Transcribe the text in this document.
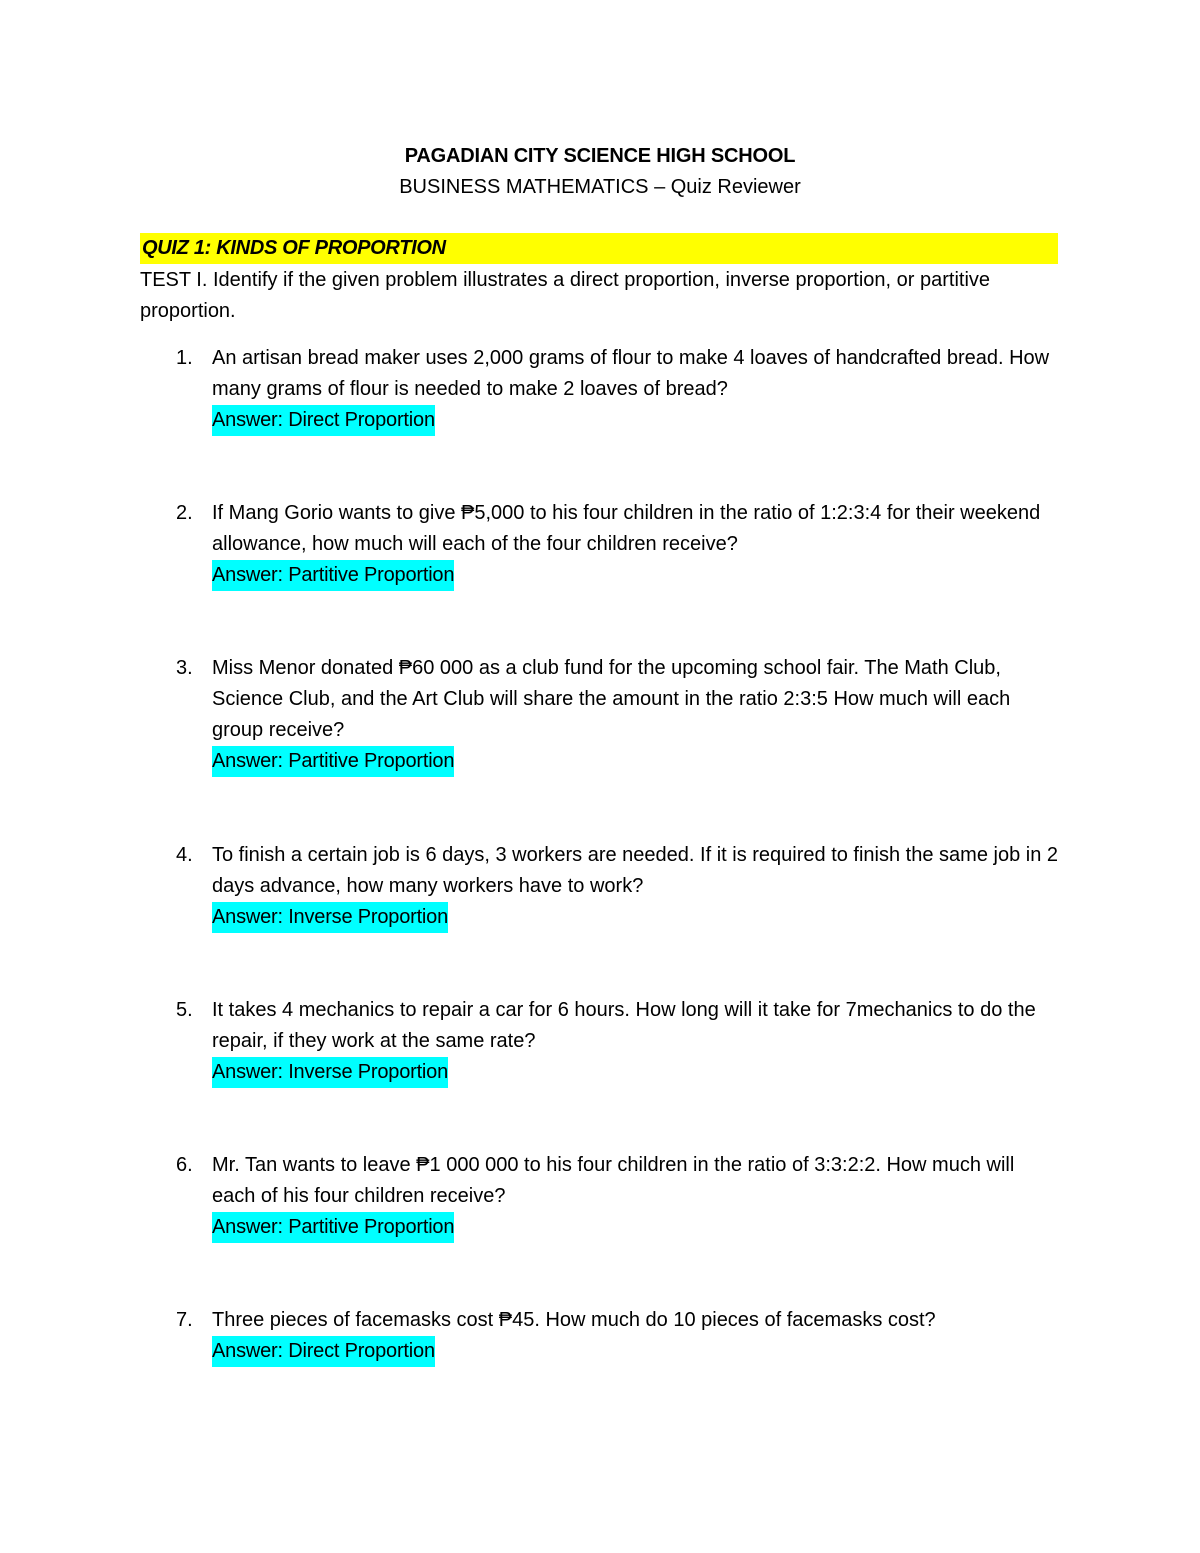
PAGADIAN CITY SCIENCE HIGH SCHOOL
BUSINESS MATHEMATICS – Quiz Reviewer
QUIZ 1: KINDS OF PROPORTION
TEST I. Identify if the given problem illustrates a direct proportion, inverse proportion, or partitive proportion.
1. An artisan bread maker uses 2,000 grams of flour to make 4 loaves of handcrafted bread. How many grams of flour is needed to make 2 loaves of bread?

Answer: Direct Proportion
2. If Mang Gorio wants to give ₱5,000 to his four children in the ratio of 1:2:3:4 for their weekend allowance, how much will each of the four children receive?

Answer: Partitive Proportion
3. Miss Menor donated ₱60 000 as a club fund for the upcoming school fair. The Math Club, Science Club, and the Art Club will share the amount in the ratio 2:3:5 How much will each group receive?

Answer: Partitive Proportion
4. To finish a certain job is 6 days, 3 workers are needed. If it is required to finish the same job in 2 days advance, how many workers have to work?

Answer: Inverse Proportion
5. It takes 4 mechanics to repair a car for 6 hours. How long will it take for 7mechanics to do the repair, if they work at the same rate?

Answer: Inverse Proportion
6. Mr. Tan wants to leave ₱1 000 000 to his four children in the ratio of 3:3:2:2. How much will each of his four children receive?

Answer: Partitive Proportion
7. Three pieces of facemasks cost ₱45. How much do 10 pieces of facemasks cost?

Answer: Direct Proportion
